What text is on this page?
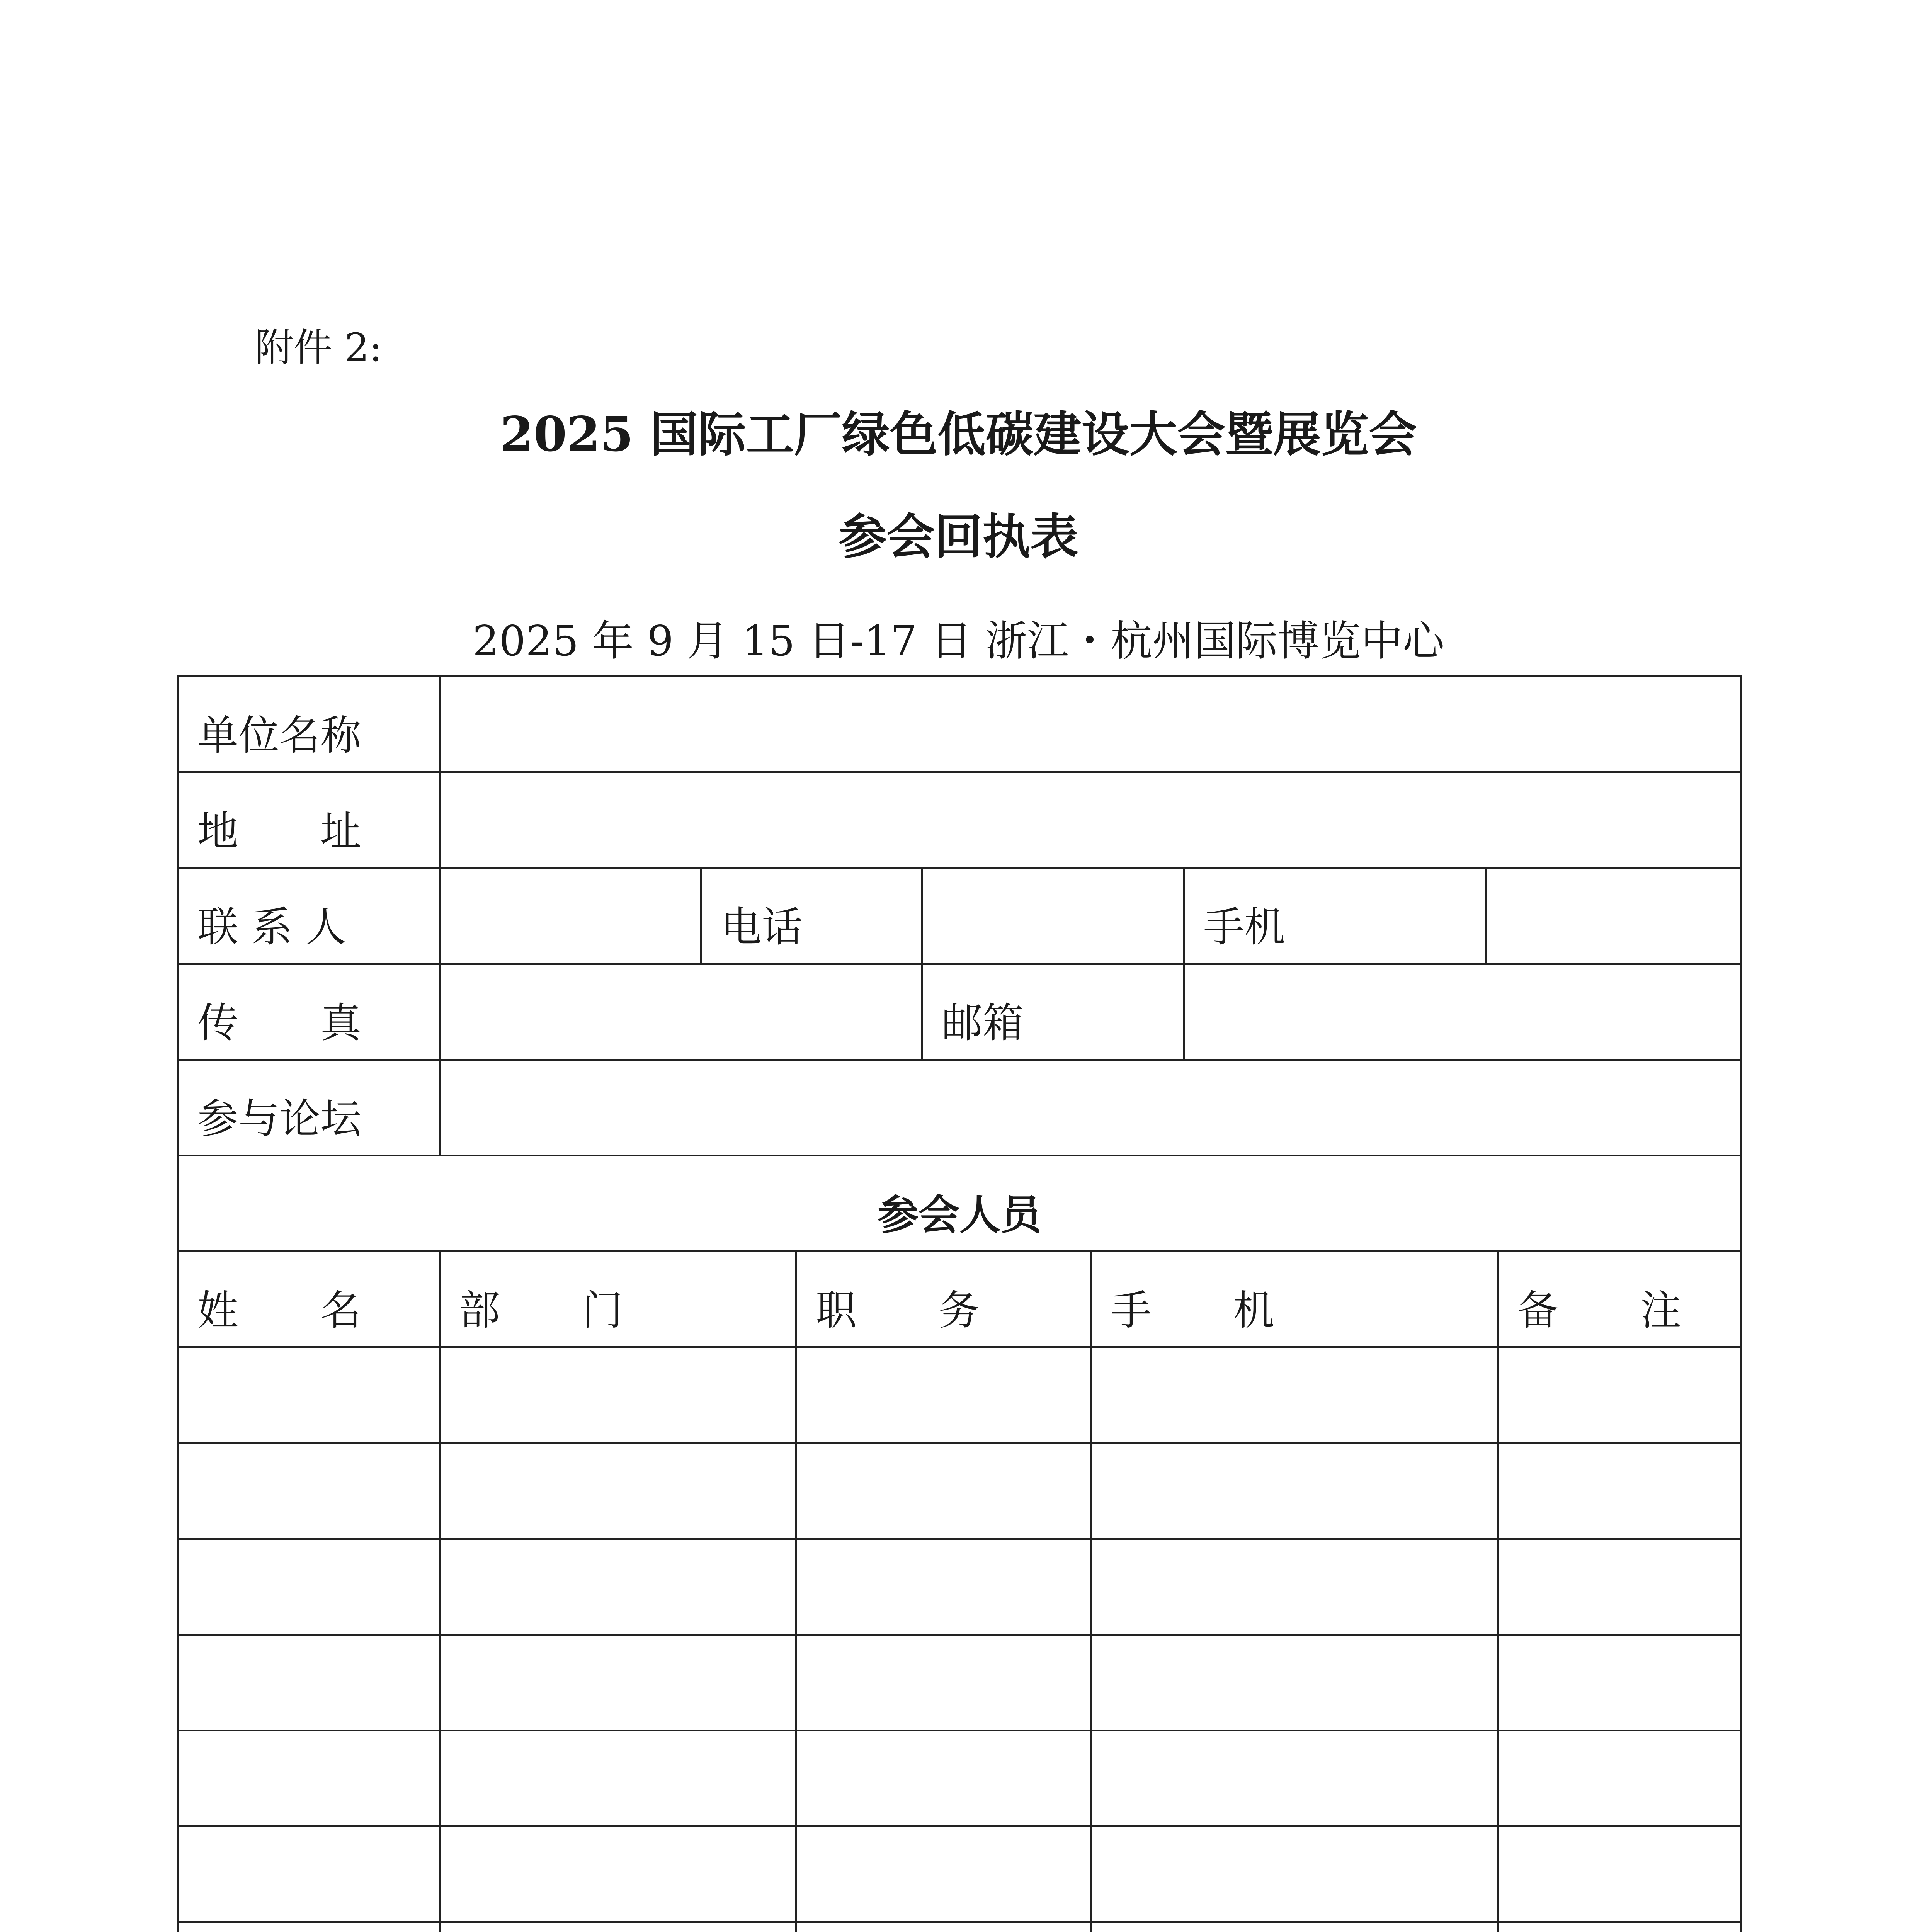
附件 2:
2025 国际工厂绿色低碳建设大会暨展览会
参会回执表
2025 年 9 月 15 日-17 日 浙江・杭州国际博览中心
单位名称
地　　址
联 系 人	电话	手机
传　　真	邮箱
参与论坛
参会人员
姓　　名 部　　门	职　　务	手　　机	备　　注
